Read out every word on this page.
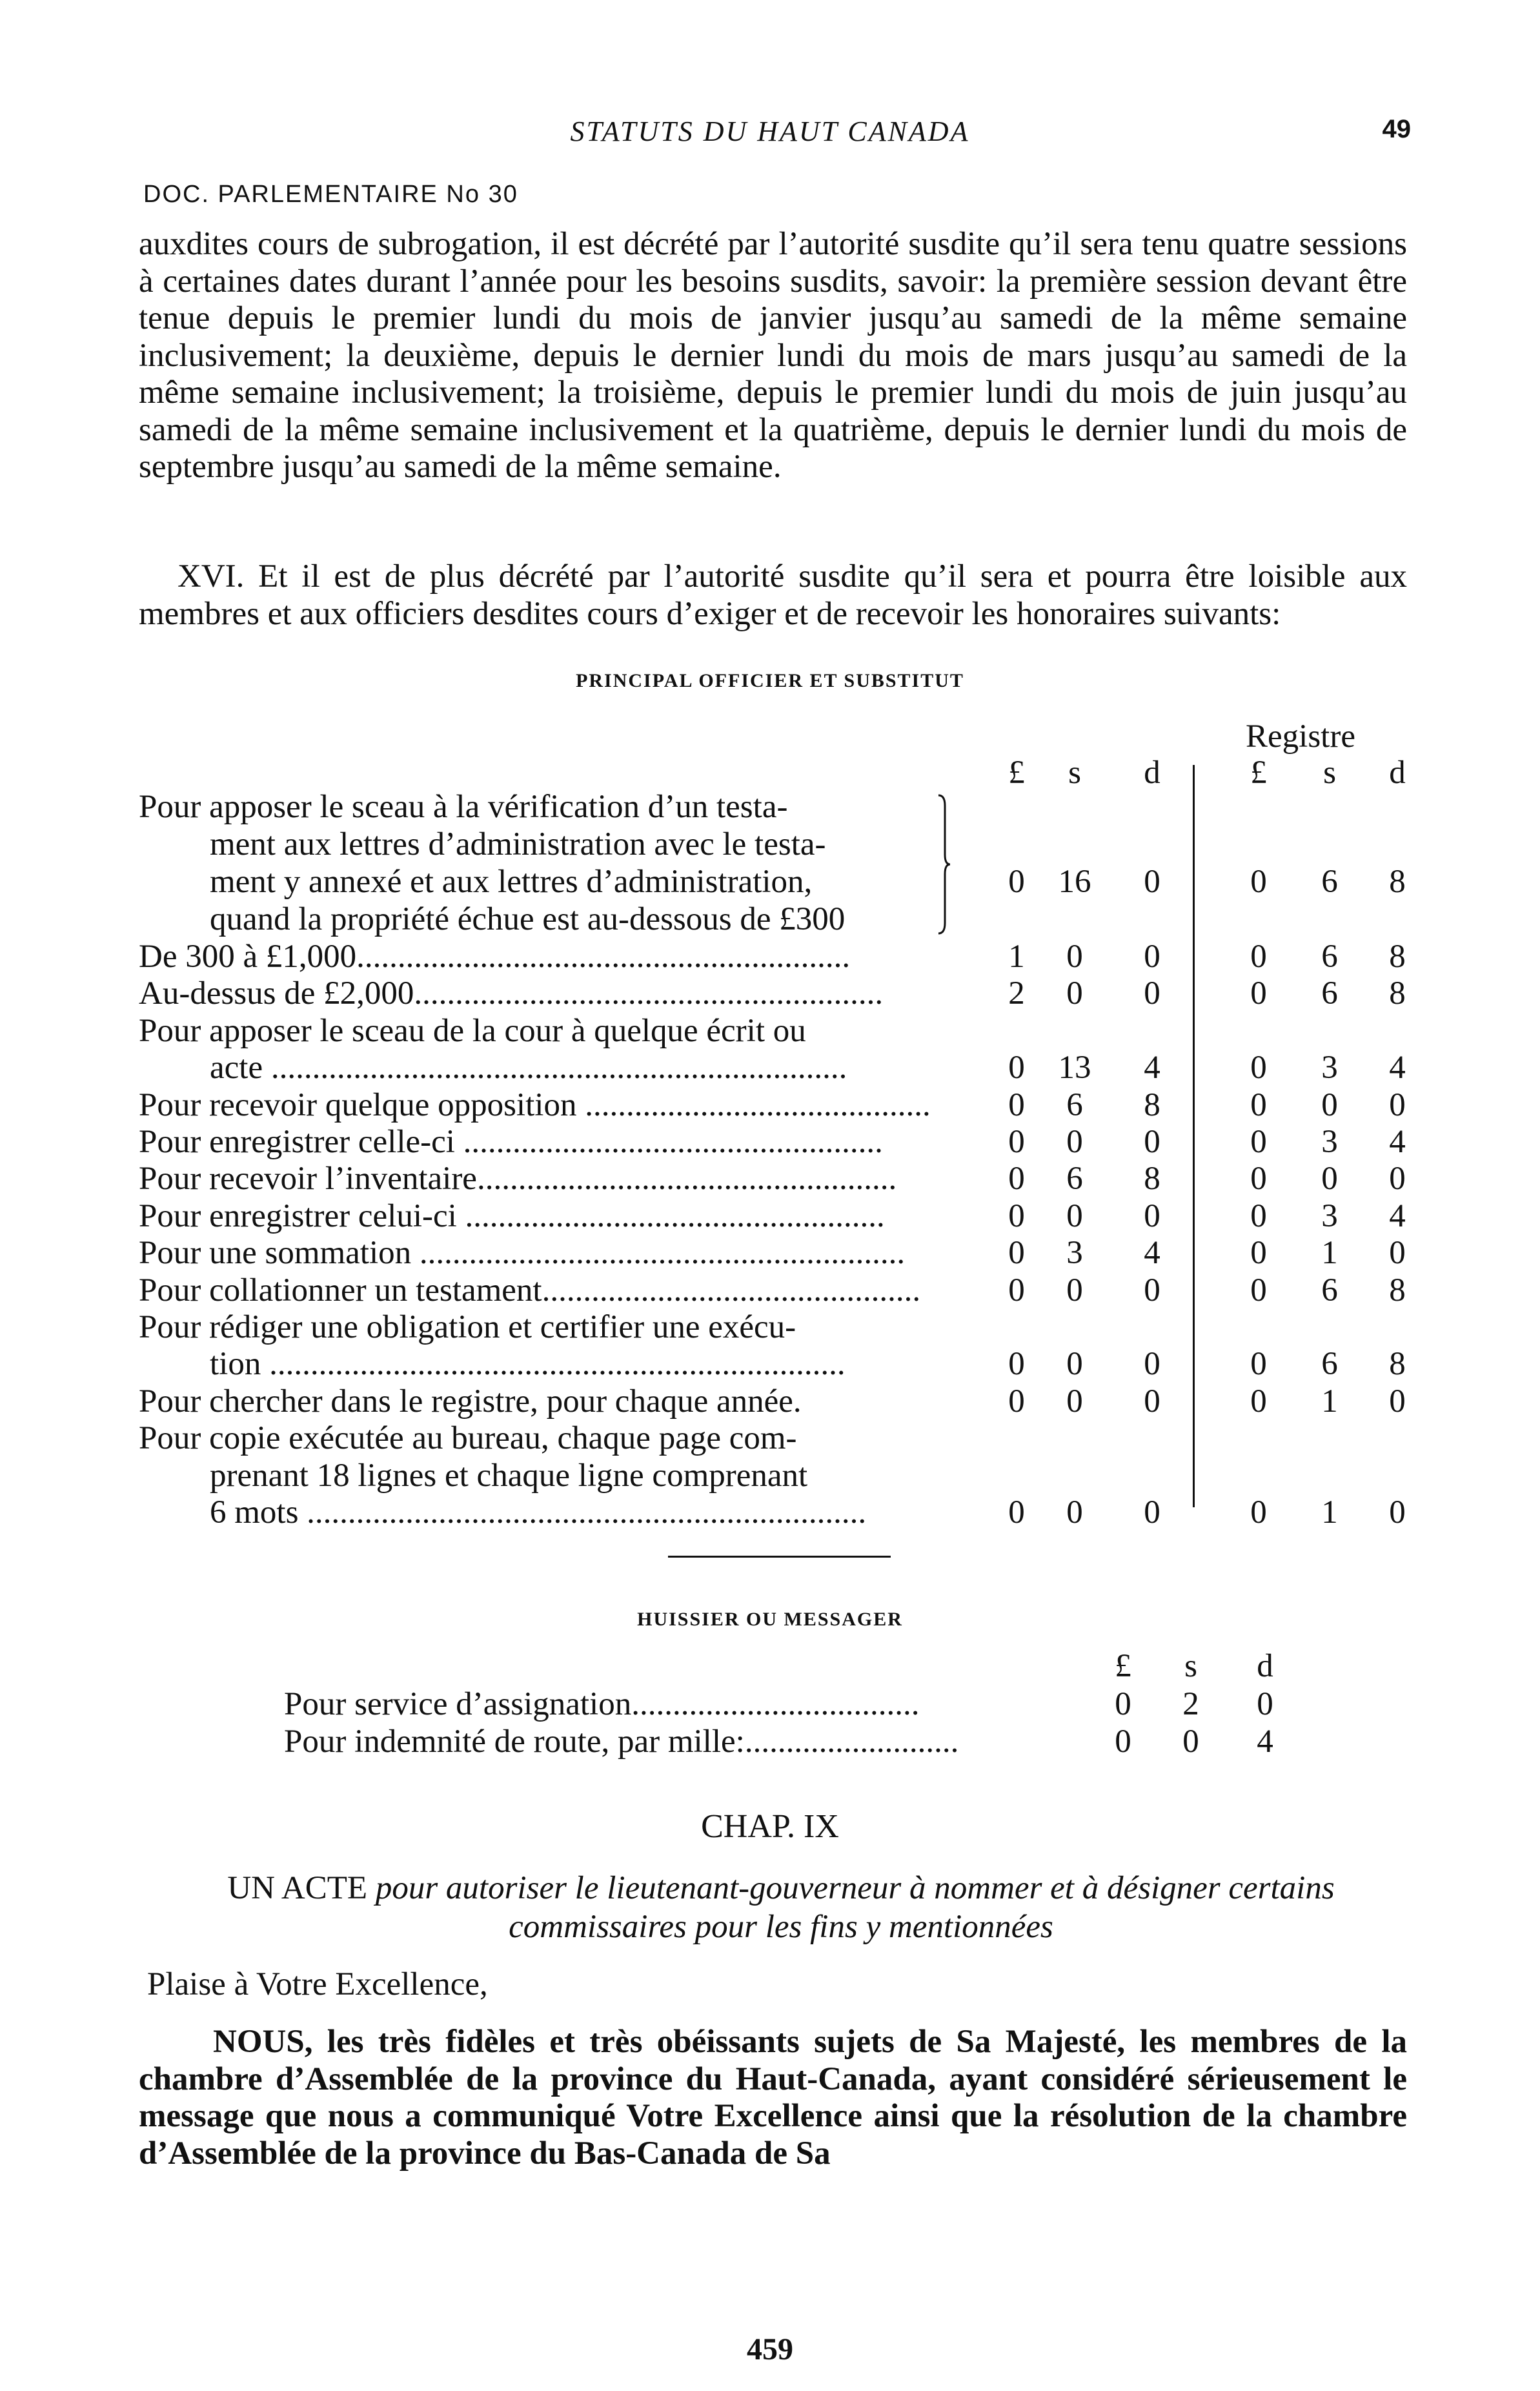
STATUTS DU HAUT CANADA	49
DOC. PARLEMENTAIRE No 30
auxdites cours de subrogation, il est décrété par l’autorité susdite qu’il sera tenu quatre sessions à certaines dates durant l’année pour les besoins susdits, savoir: la première session devant être tenue depuis le premier lundi du mois de janvier jusqu’au samedi de la même semaine inclusivement; la deuxième, depuis le dernier lundi du mois de mars jusqu’au samedi de la même semaine inclusivement; la troisième, depuis le premier lundi du mois de juin jusqu’au samedi de la même semaine inclusivement et la quatrième, depuis le dernier lundi du mois de septembre jusqu’au samedi de la même semaine.
XVI. Et il est de plus décrété par l’autorité susdite qu’il sera et pourra être loisible aux membres et aux officiers desdites cours d’exiger et de recevoir les honoraires suivants:
PRINCIPAL OFFICIER ET SUBSTITUT
Registre
£	s	d	£	s	d
Pour apposer le sceau à la vérification d’un testa-
ment aux lettres d’administration avec le testa-
ment y annexé et aux lettres d’administration,	0	16	0	0	6	8
quand la propriété échue est au-dessous de £300
De 300 à £1,000............................................................	1	0	0	0	6	8
Au-dessus de £2,000.........................................................	2	0	0	0	6	8
Pour apposer le sceau de la cour à quelque écrit ou
acte ......................................................................	0	13	4	0	3	4
Pour recevoir quelque opposition ..........................................	0	6	8	0	0	0
Pour enregistrer celle-ci ...................................................	0	0	0	0	3	4
Pour recevoir l’inventaire...................................................	0	6	8	0	0	0
Pour enregistrer celui-ci ...................................................	0	0	0	0	3	4
Pour une sommation ...........................................................	0	3	4	0	1	0
Pour collationner un testament..............................................	0	0	0	0	6	8
Pour rédiger une obligation et certifier une exécu-
tion ......................................................................	0	0	0	0	6	8
Pour chercher dans le registre, pour chaque année.	0	0	0	0	1	0
Pour copie exécutée au bureau, chaque page com-
prenant 18 lignes et chaque ligne comprenant
6 mots ....................................................................	0	0	0	0	1	0
HUISSIER OU MESSAGER
£	s	d
Pour service d’assignation...................................	0	2	0
Pour indemnité de route, par mille:..........................	0	0	4
CHAP. IX
UN ACTE pour autoriser le lieutenant-gouverneur à nommer et à désigner certains commissaires pour les fins y mentionnées
Plaise à Votre Excellence,
NOUS, les très fidèles et très obéissants sujets de Sa Majesté, les membres de la chambre d’Assemblée de la province du Haut-Canada, ayant considéré sérieusement le message que nous a communiqué Votre Excellence ainsi que la résolution de la chambre d’Assemblée de la province du Bas-Canada de Sa
459
